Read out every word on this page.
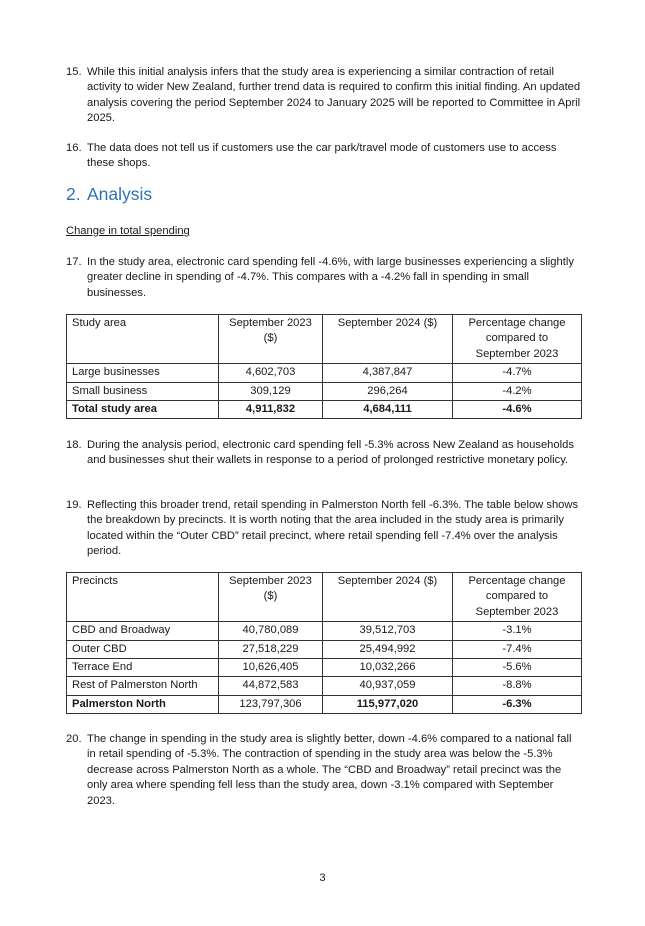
15. While this initial analysis infers that the study area is experiencing a similar contraction of retail activity to wider New Zealand, further trend data is required to confirm this initial finding. An updated analysis covering the period September 2024 to January 2025 will be reported to Committee in April 2025.
16. The data does not tell us if customers use the car park/travel mode of customers use to access these shops.
2. Analysis
Change in total spending
17. In the study area, electronic card spending fell -4.6%, with large businesses experiencing a slightly greater decline in spending of -4.7%. This compares with a -4.2% fall in spending in small businesses.
Study area	September 2023 ($)	September 2024 ($)	Percentage change compared to September 2023
Large businesses	4,602,703	4,387,847	-4.7%
Small business	309,129	296,264	-4.2%
Total study area	4,911,832	4,684,111	-4.6%
18. During the analysis period, electronic card spending fell -5.3% across New Zealand as households and businesses shut their wallets in response to a period of prolonged restrictive monetary policy.
19. Reflecting this broader trend, retail spending in Palmerston North fell -6.3%. The table below shows the breakdown by precincts. It is worth noting that the area included in the study area is primarily located within the “Outer CBD” retail precinct, where retail spending fell -7.4% over the analysis period.
Precincts	September 2023 ($)	September 2024 ($)	Percentage change compared to September 2023
CBD and Broadway	40,780,089	39,512,703	-3.1%
Outer CBD	27,518,229	25,494,992	-7.4%
Terrace End	10,626,405	10,032,266	-5.6%
Rest of Palmerston North	44,872,583	40,937,059	-8.8%
Palmerston North	123,797,306	115,977,020	-6.3%
20. The change in spending in the study area is slightly better, down -4.6% compared to a national fall in retail spending of -5.3%. The contraction of spending in the study area was below the -5.3% decrease across Palmerston North as a whole. The “CBD and Broadway” retail precinct was the only area where spending fell less than the study area, down -3.1% compared with September 2023.
3
